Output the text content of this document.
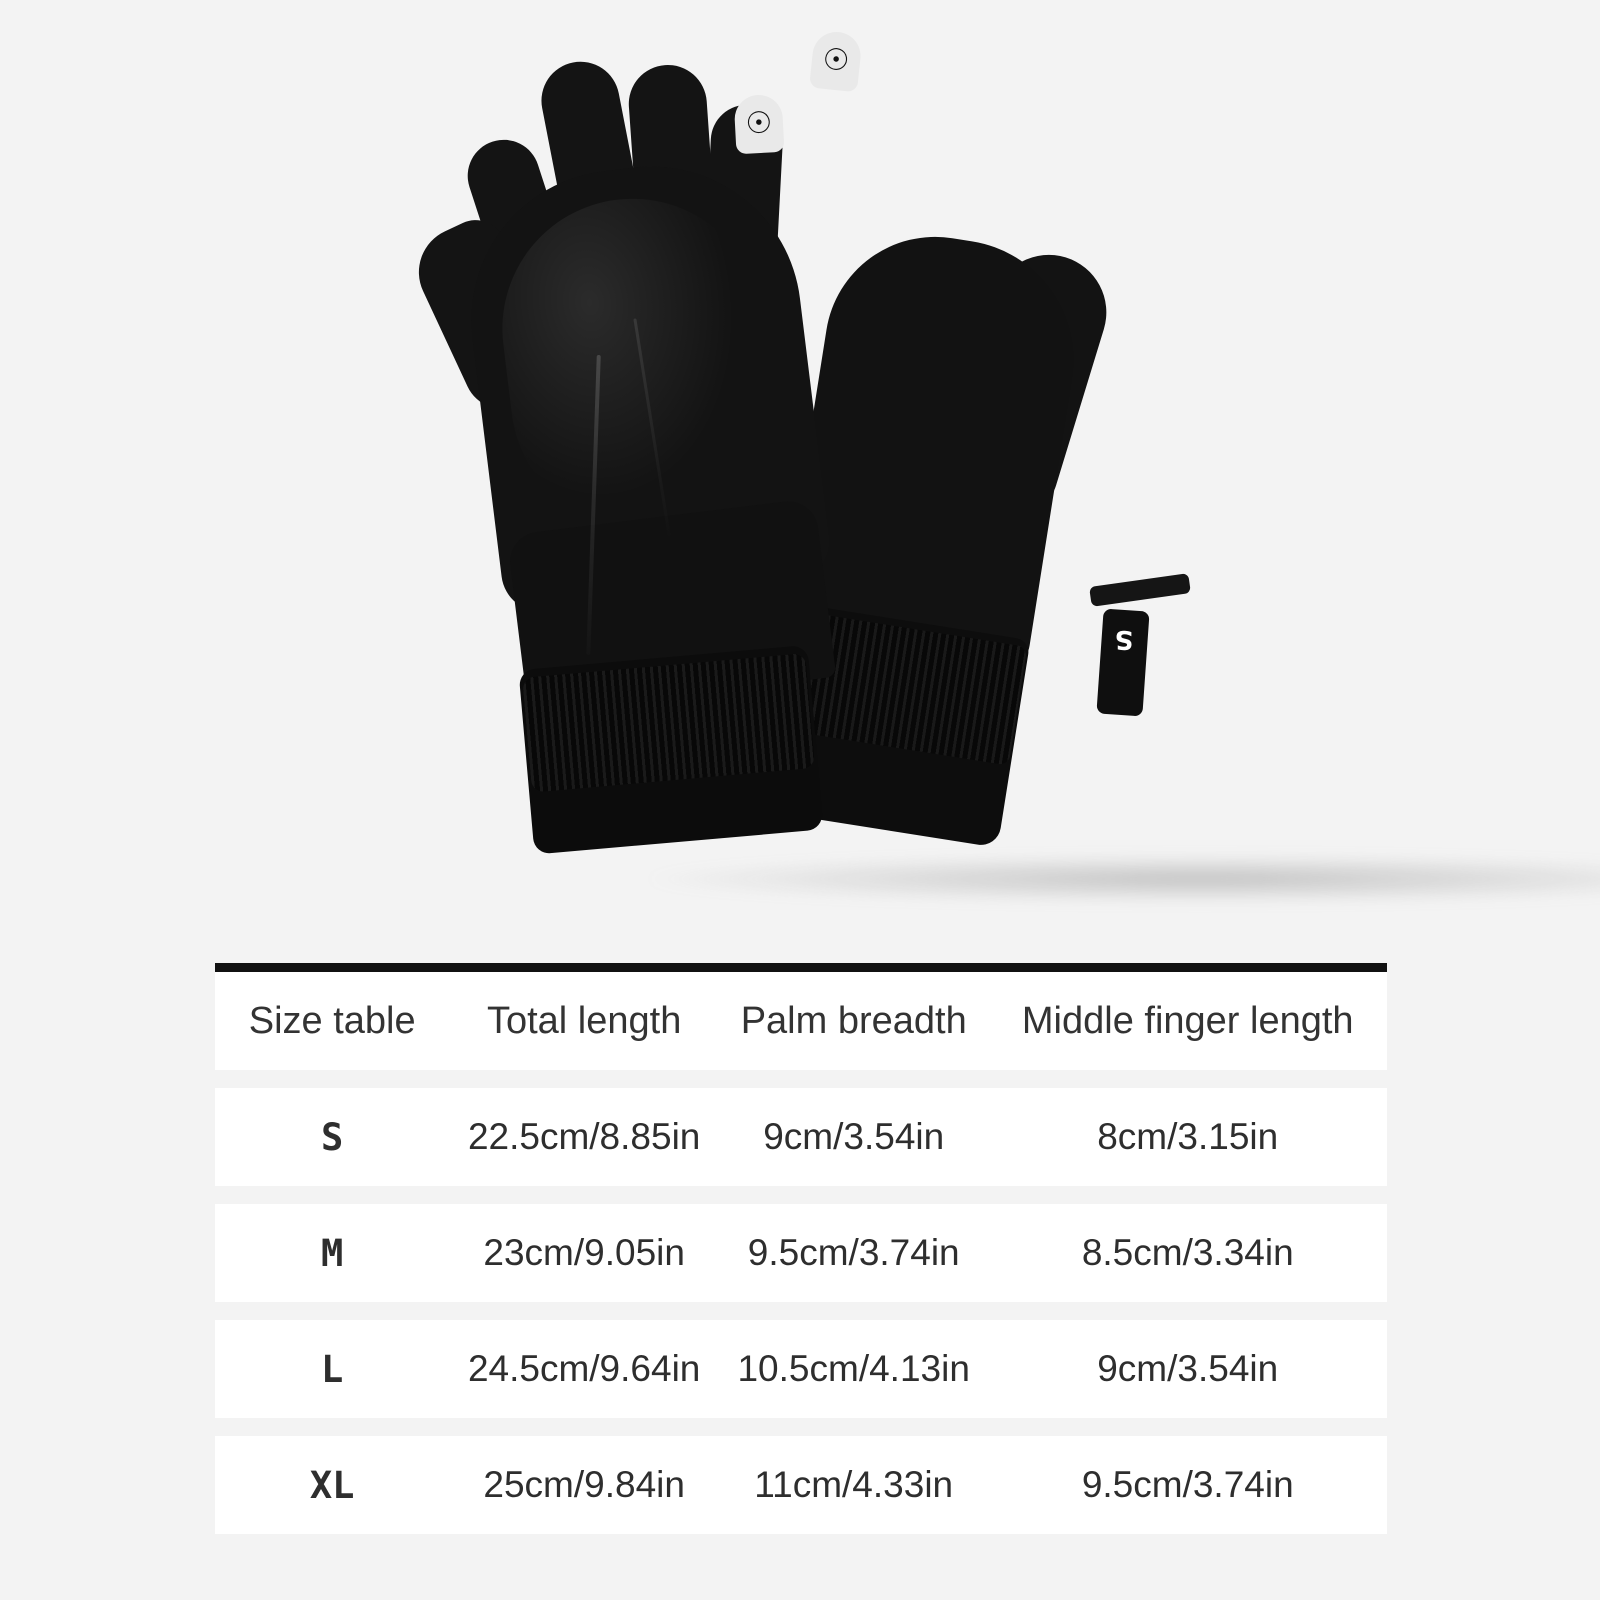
☉
☉
S
Size table	Total length	Palm breadth	Middle finger length

S	22.5cm/8.85in	9cm/3.54in	8cm/3.15in

M	23cm/9.05in	9.5cm/3.74in	8.5cm/3.34in

L	24.5cm/9.64in	10.5cm/4.13in	9cm/3.54in

XL	25cm/9.84in	11cm/4.33in	9.5cm/3.74in
